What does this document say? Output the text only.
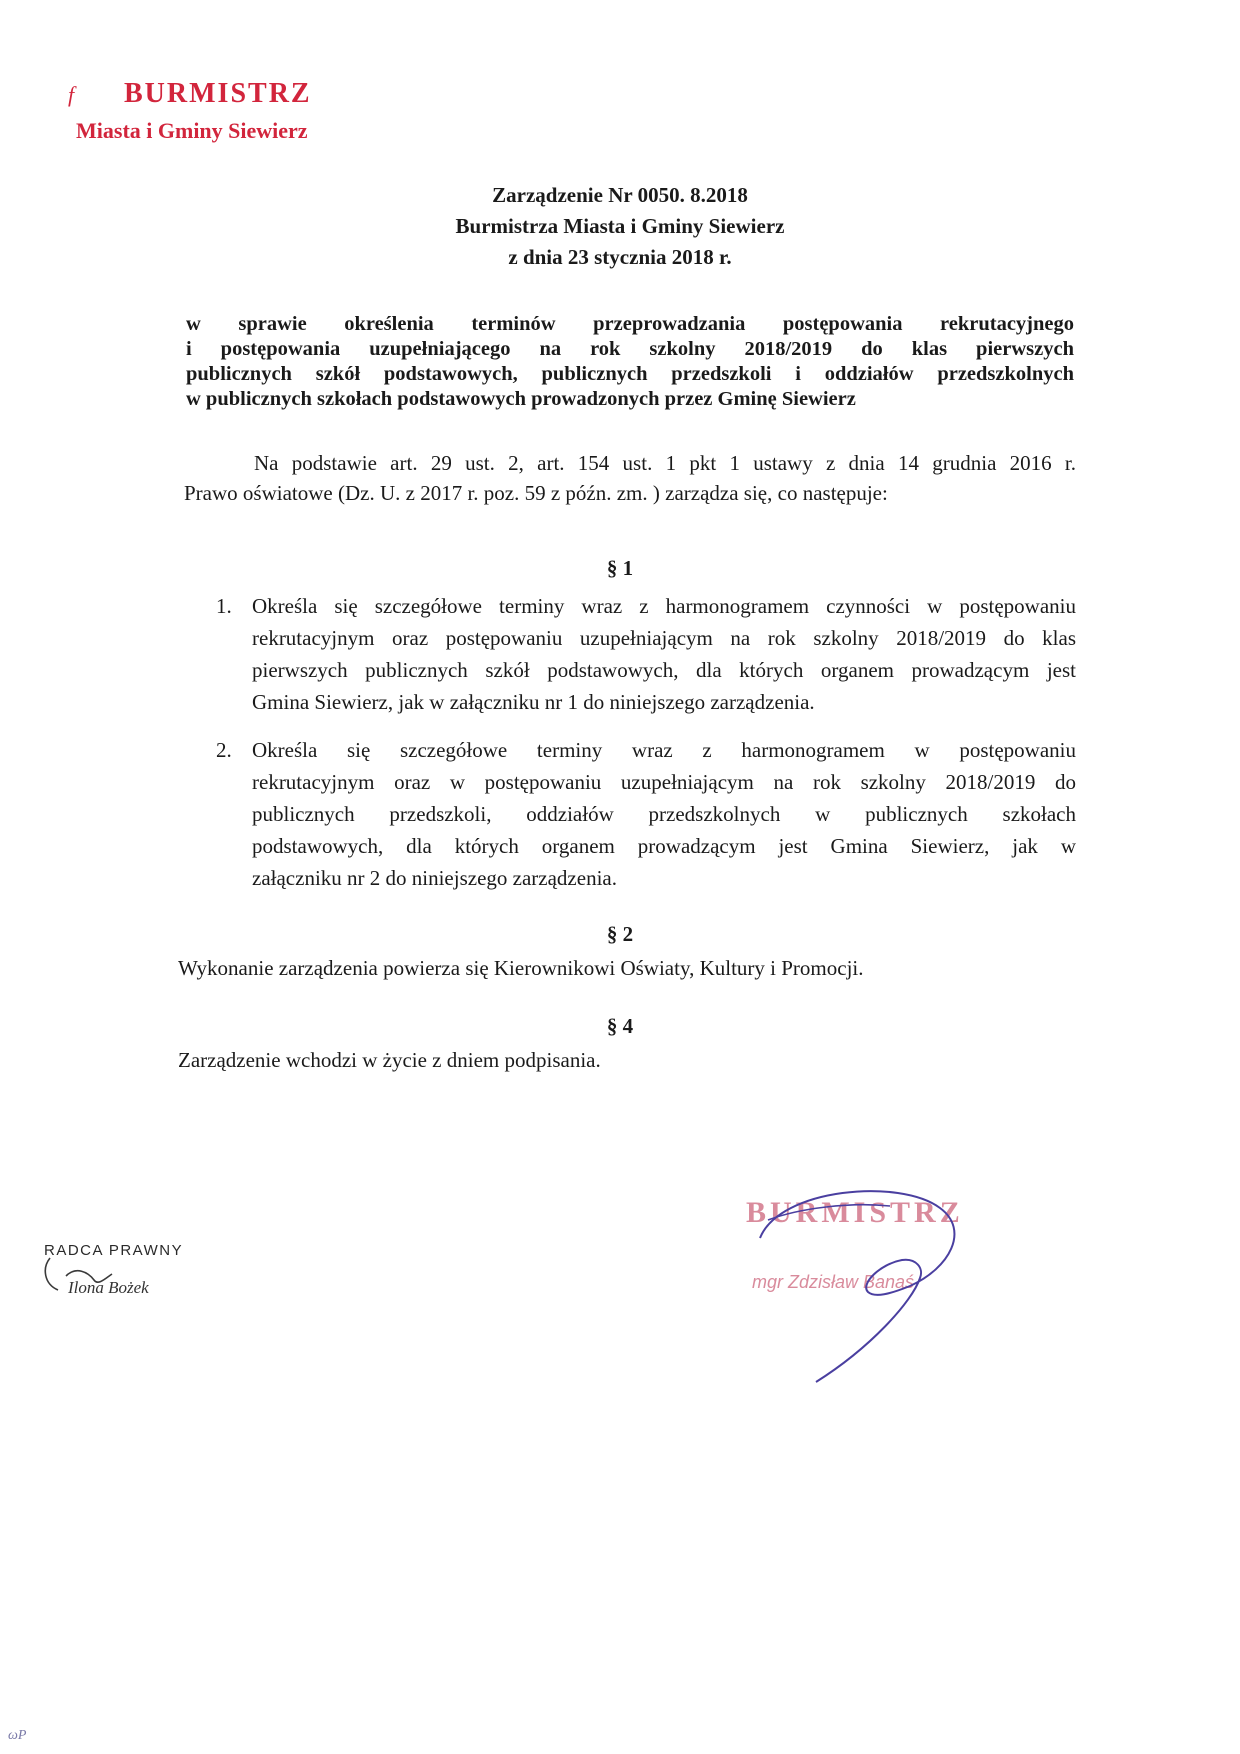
f BURMISTRZ
Miasta i Gminy Siewierz
Zarządzenie Nr 0050. 8.2018
Burmistrza Miasta i Gminy Siewierz
z dnia 23 stycznia 2018 r.
w sprawie określenia terminów przeprowadzania postępowania rekrutacyjnego
i postępowania uzupełniającego na rok szkolny 2018/2019 do klas pierwszych
publicznych szkół podstawowych, publicznych przedszkoli i oddziałów przedszkolnych
w publicznych szkołach podstawowych prowadzonych przez Gminę Siewierz
Na podstawie art. 29 ust. 2, art. 154 ust. 1 pkt 1 ustawy z dnia 14 grudnia 2016 r.
Prawo oświatowe (Dz. U. z 2017 r. poz. 59 z późn. zm. ) zarządza się, co następuje:
§ 1
1. Określa się szczegółowe terminy wraz z harmonogramem czynności w postępowaniu
rekrutacyjnym oraz postępowaniu uzupełniającym na rok szkolny 2018/2019 do klas
pierwszych publicznych szkół podstawowych, dla których organem prowadzącym jest
Gmina Siewierz, jak w załączniku nr 1 do niniejszego zarządzenia.
2. Określa się szczegółowe terminy wraz z harmonogramem w postępowaniu
rekrutacyjnym oraz w postępowaniu uzupełniającym na rok szkolny 2018/2019 do
publicznych przedszkoli, oddziałów przedszkolnych w publicznych szkołach
podstawowych, dla których organem prowadzącym jest Gmina Siewierz, jak w
załączniku nr 2 do niniejszego zarządzenia.
§ 2
Wykonanie zarządzenia powierza się Kierownikowi Oświaty, Kultury i Promocji.
§ 4
Zarządzenie wchodzi w życie z dniem podpisania.
RADCA PRAWNY
Ilona Bożek
BURMISTRZ
mgr Zdzisław Banaś
ωP
